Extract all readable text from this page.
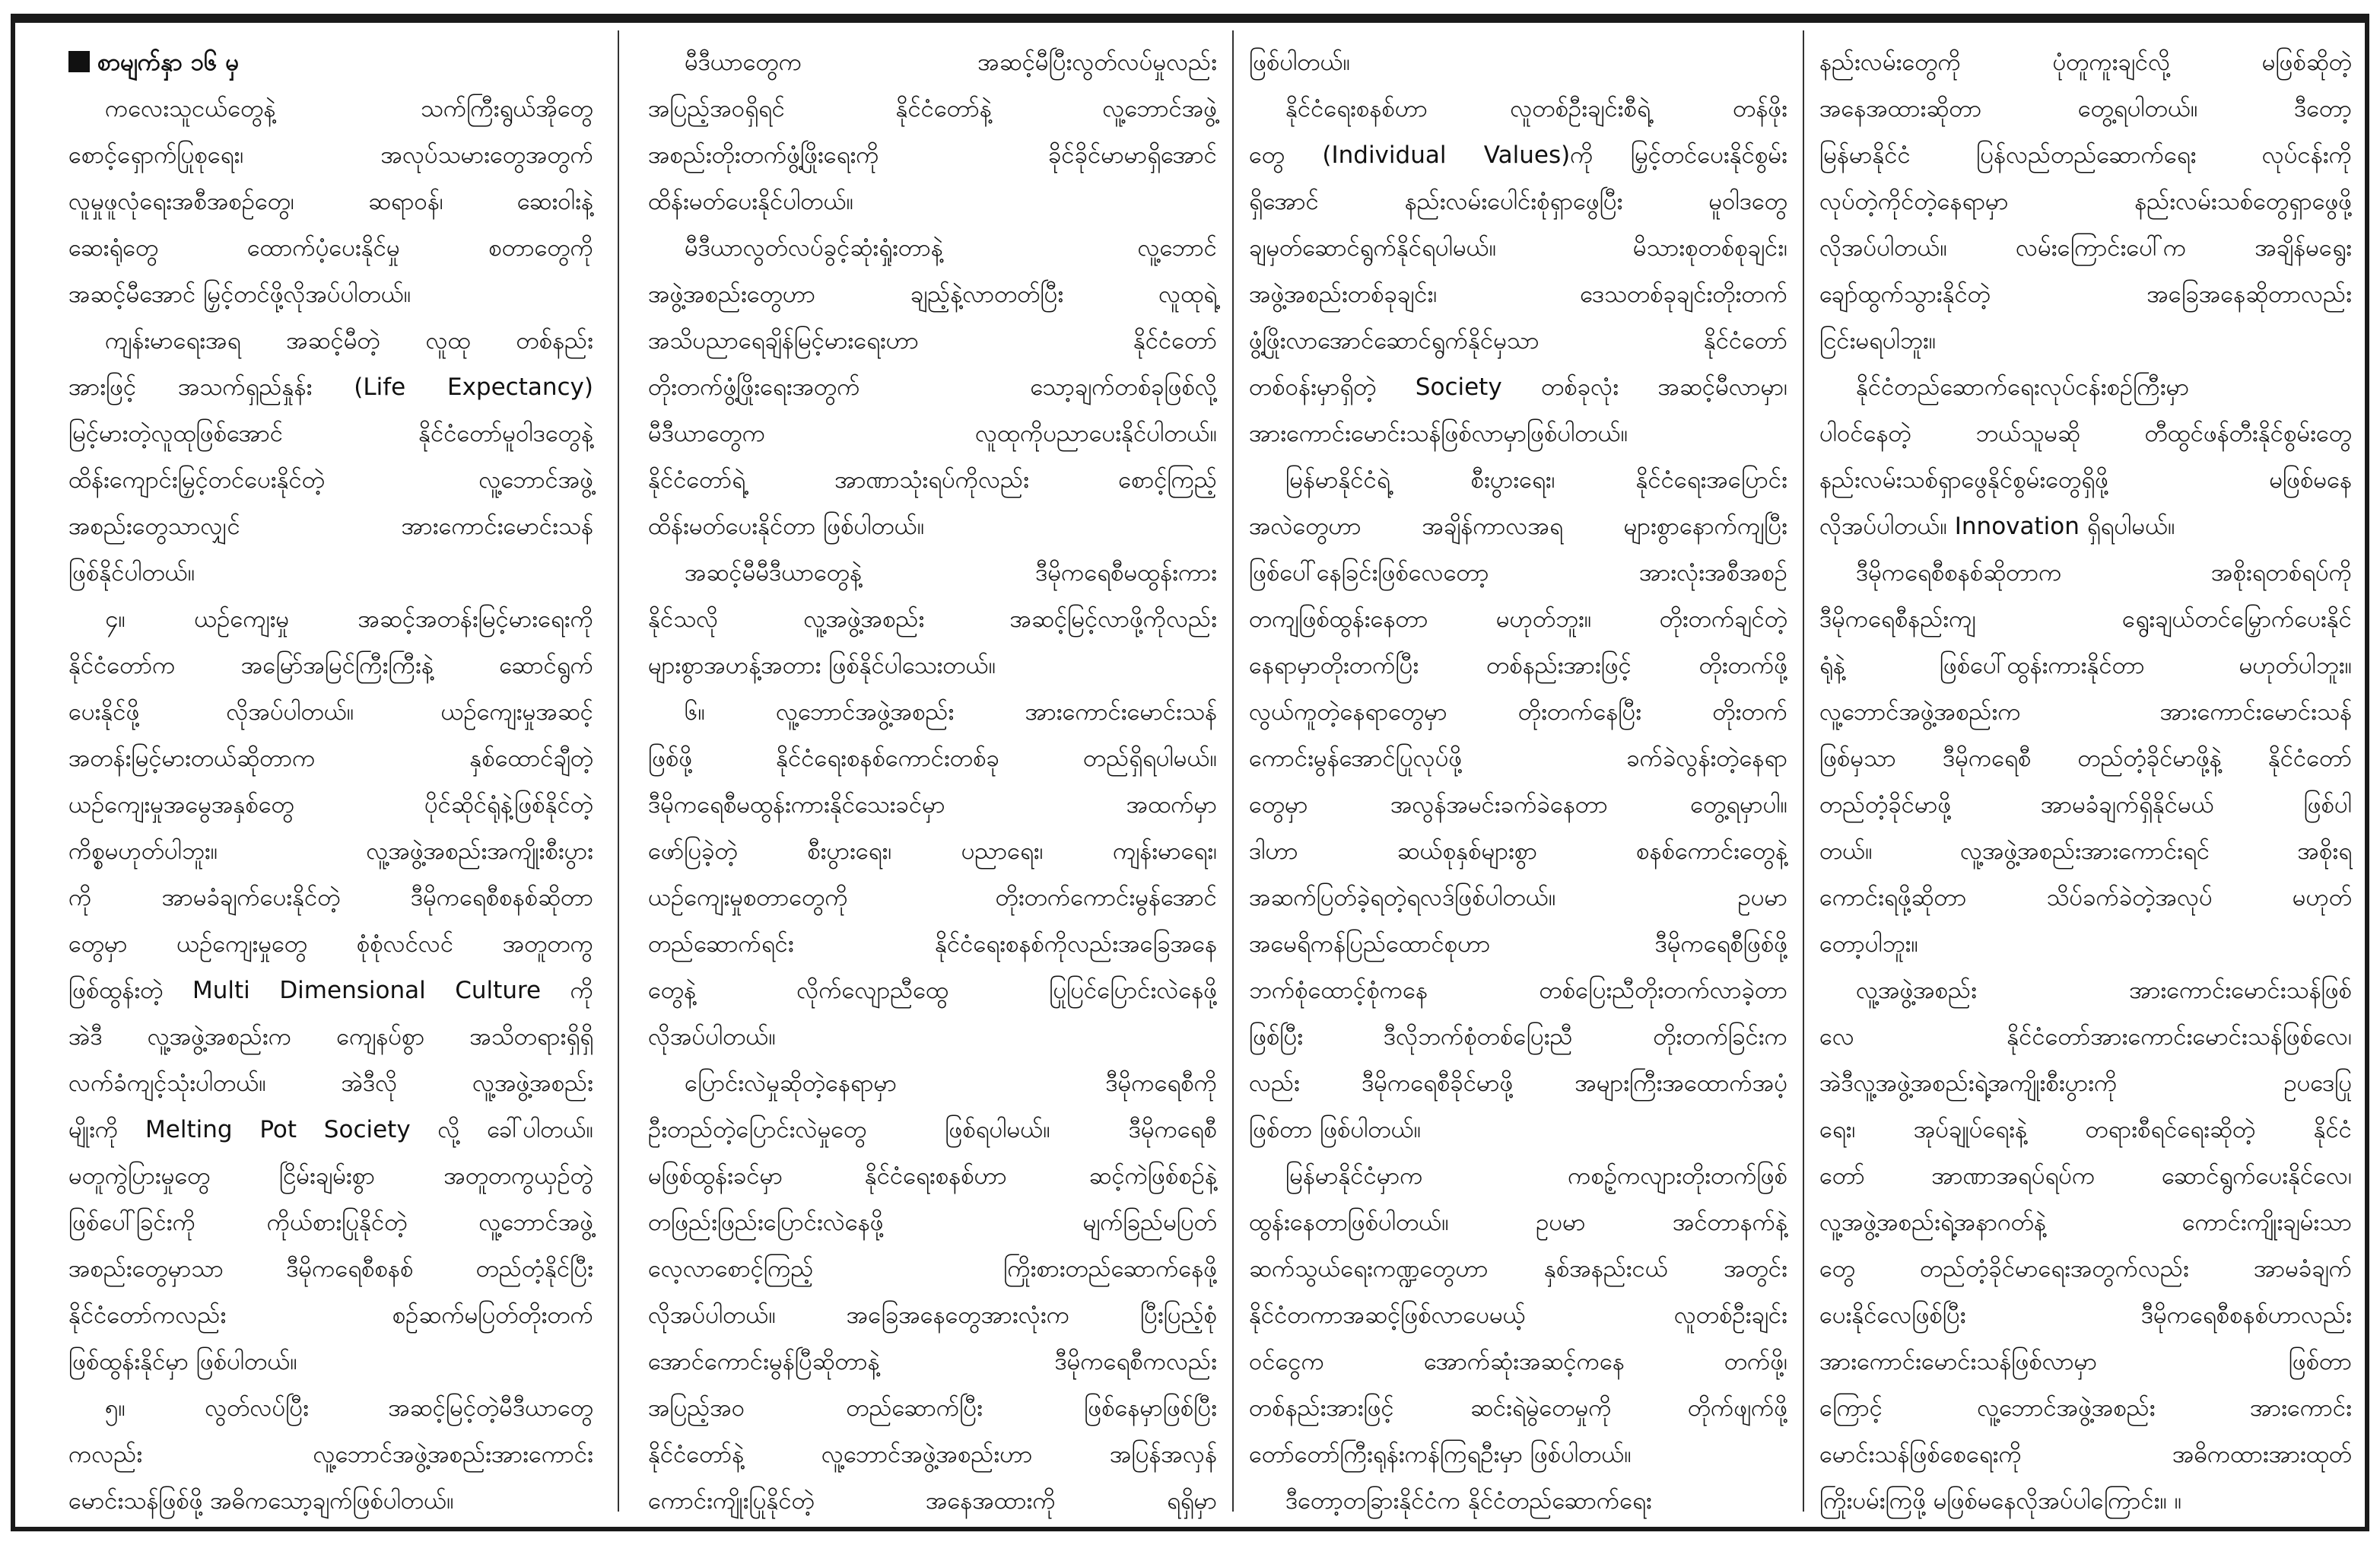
စာမျက်နှာ ၁၆ မှ
ကလေးသူငယ်တွေနဲ့ သက်ကြီးရွယ်အိုတွေ
စောင့်ရှောက်ပြုစုရေး၊ အလုပ်သမားတွေအတွက်
လူမှုဖူလုံရေးအစီအစဉ်တွေ၊ ဆရာဝန်၊ ဆေးဝါးနဲ့
ဆေးရုံတွေ ထောက်ပံ့ပေးနိုင်မှု စတာတွေကို
အဆင့်မီအောင် မြှင့်တင်ဖို့လိုအပ်ပါတယ်။
ကျန်းမာရေးအရ အဆင့်မီတဲ့ လူထု တစ်နည်း
အားဖြင့် အသက်ရှည်နှုန်း (Life Expectancy)
မြင့်မားတဲ့လူထုဖြစ်အောင် နိုင်ငံတော်မူဝါဒတွေနဲ့
ထိန်းကျောင်းမြှင့်တင်ပေးနိုင်တဲ့ လူ့ဘောင်အဖွဲ့
အစည်းတွေသာလျှင် အားကောင်းမောင်းသန်
ဖြစ်နိုင်ပါတယ်။
၄။ ယဉ်ကျေးမှု အဆင့်အတန်းမြင့်မားရေးကို
နိုင်ငံတော်က အမြော်အမြင်ကြီးကြီးနဲ့ ဆောင်ရွက်
ပေးနိုင်ဖို့ လိုအပ်ပါတယ်။ ယဉ်ကျေးမှုအဆင့်
အတန်းမြင့်မားတယ်ဆိုတာက နှစ်ထောင်ချီတဲ့
ယဉ်ကျေးမှုအမွေအနှစ်တွေ ပိုင်ဆိုင်ရုံနဲ့ဖြစ်နိုင်တဲ့
ကိစ္စမဟုတ်ပါဘူး။ လူ့အဖွဲ့အစည်းအကျိုးစီးပွား
ကို အာမခံချက်ပေးနိုင်တဲ့ ဒီမိုကရေစီစနစ်ဆိုတာ
တွေမှာ ယဉ်ကျေးမှုတွေ စုံစုံလင်လင် အတူတကွ
ဖြစ်ထွန်းတဲ့ Multi Dimensional Culture ကို
အဲဒီ လူ့အဖွဲ့အစည်းက ကျေနပ်စွာ အသိတရားရှိရှိ
လက်ခံကျင့်သုံးပါတယ်။ အဲဒီလို လူ့အဖွဲ့အစည်း
မျိုးကို Melting Pot Society လို့ ခေါ်ပါတယ်။
မတူကွဲပြားမှုတွေ ငြိမ်းချမ်းစွာ အတူတကွယှဉ်တွဲ
ဖြစ်ပေါ်ခြင်းကို ကိုယ်စားပြုနိုင်တဲ့ လူ့ဘောင်အဖွဲ့
အစည်းတွေမှာသာ ဒီမိုကရေစီစနစ် တည်တံ့နိုင်ပြီး
နိုင်ငံတော်ကလည်း စဉ်ဆက်မပြတ်တိုးတက်
ဖြစ်ထွန်းနိုင်မှာ ဖြစ်ပါတယ်။
၅။ လွတ်လပ်ပြီး အဆင့်မြင့်တဲ့မီဒီယာတွေ
ကလည်း လူ့ဘောင်အဖွဲ့အစည်းအားကောင်း
မောင်းသန်ဖြစ်ဖို့ အဓိကသော့ချက်ဖြစ်ပါတယ်။
မီဒီယာတွေက အဆင့်မီပြီးလွတ်လပ်မှုလည်း
အပြည့်အဝရှိရင် နိုင်ငံတော်နဲ့ လူ့ဘောင်အဖွဲ့
အစည်းတိုးတက်ဖွံ့ဖြိုးရေးကို ခိုင်ခိုင်မာမာရှိအောင်
ထိန်းမတ်ပေးနိုင်ပါတယ်။
မီဒီယာလွတ်လပ်ခွင့်ဆုံးရှုံးတာနဲ့ လူ့ဘောင်
အဖွဲ့အစည်းတွေဟာ ချည့်နဲ့လာတတ်ပြီး လူထုရဲ့
အသိပညာရေချိန်မြင့်မားရေးဟာ နိုင်ငံတော်
တိုးတက်ဖွံ့ဖြိုးရေးအတွက် သော့ချက်တစ်ခုဖြစ်လို့
မီဒီယာတွေက လူထုကိုပညာပေးနိုင်ပါတယ်။
နိုင်ငံတော်ရဲ့ အာဏာသုံးရပ်ကိုလည်း စောင့်ကြည့်
ထိန်းမတ်ပေးနိုင်တာ ဖြစ်ပါတယ်။
အဆင့်မီမီဒီယာတွေနဲ့ ဒီမိုကရေစီမထွန်းကား
နိုင်သလို လူ့အဖွဲ့အစည်း အဆင့်မြင့်လာဖို့ကိုလည်း
များစွာအဟန့်အတား ဖြစ်နိုင်ပါသေးတယ်။
၆။ လူ့ဘောင်အဖွဲ့အစည်း အားကောင်းမောင်းသန်
ဖြစ်ဖို့ နိုင်ငံရေးစနစ်ကောင်းတစ်ခု တည်ရှိရပါမယ်။
ဒီမိုကရေစီမထွန်းကားနိုင်သေးခင်မှာ အထက်မှာ
ဖော်ပြခဲ့တဲ့ စီးပွားရေး၊ ပညာရေး၊ ကျန်းမာရေး၊
ယဉ်ကျေးမှုစတာတွေကို တိုးတက်ကောင်းမွန်အောင်
တည်ဆောက်ရင်း နိုင်ငံရေးစနစ်ကိုလည်းအခြေအနေ
တွေနဲ့ လိုက်လျောညီထွေ ပြုပြင်ပြောင်းလဲနေဖို့
လိုအပ်ပါတယ်။
ပြောင်းလဲမှုဆိုတဲ့နေရာမှာ ဒီမိုကရေစီကို
ဦးတည်တဲ့ပြောင်းလဲမှုတွေ ဖြစ်ရပါမယ်။ ဒီမိုကရေစီ
မဖြစ်ထွန်းခင်မှာ နိုင်ငံရေးစနစ်ဟာ ဆင့်ကဲဖြစ်စဉ်နဲ့
တဖြည်းဖြည်းပြောင်းလဲနေဖို့ မျက်ခြည်မပြတ်
လေ့လာစောင့်ကြည့် ကြိုးစားတည်ဆောက်နေဖို့
လိုအပ်ပါတယ်။ အခြေအနေတွေအားလုံးက ပြီးပြည့်စုံ
အောင်ကောင်းမွန်ပြီဆိုတာနဲ့ ဒီမိုကရေစီကလည်း
အပြည့်အဝ တည်ဆောက်ပြီး ဖြစ်နေမှာဖြစ်ပြီး
နိုင်ငံတော်နဲ့ လူ့ဘောင်အဖွဲ့အစည်းဟာ အပြန်အလှန်
ကောင်းကျိုးပြုနိုင်တဲ့ အနေအထားကို ရရှိမှာ
ဖြစ်ပါတယ်။
နိုင်ငံရေးစနစ်ဟာ လူတစ်ဦးချင်းစီရဲ့ တန်ဖိုး
တွေ (Individual Values)ကို မြှင့်တင်ပေးနိုင်စွမ်း
ရှိအောင် နည်းလမ်းပေါင်းစုံရှာဖွေပြီး မူဝါဒတွေ
ချမှတ်ဆောင်ရွက်နိုင်ရပါမယ်။ မိသားစုတစ်စုချင်း၊
အဖွဲ့အစည်းတစ်ခုချင်း၊ ဒေသတစ်ခုချင်းတိုးတက်
ဖွံ့ဖြိုးလာအောင်ဆောင်ရွက်နိုင်မှသာ နိုင်ငံတော်
တစ်ဝန်းမှာရှိတဲ့ Society တစ်ခုလုံး အဆင့်မီလာမှာ၊
အားကောင်းမောင်းသန်ဖြစ်လာမှာဖြစ်ပါတယ်။
မြန်မာနိုင်ငံရဲ့ စီးပွားရေး၊ နိုင်ငံရေးအပြောင်း
အလဲတွေဟာ အချိန်ကာလအရ များစွာနောက်ကျပြီး
ဖြစ်ပေါ်နေခြင်းဖြစ်လေတော့ အားလုံးအစီအစဉ်
တကျဖြစ်ထွန်းနေတာ မဟုတ်ဘူး။ တိုးတက်ချင်တဲ့
နေရာမှာတိုးတက်ပြီး တစ်နည်းအားဖြင့် တိုးတက်ဖို့
လွယ်ကူတဲ့နေရာတွေမှာ တိုးတက်နေပြီး တိုးတက်
ကောင်းမွန်အောင်ပြုလုပ်ဖို့ ခက်ခဲလွန်းတဲ့နေရာ
တွေမှာ အလွန်အမင်းခက်ခဲနေတာ တွေ့ရမှာပါ။
ဒါဟာ ဆယ်စုနှစ်များစွာ စနစ်ကောင်းတွေနဲ့
အဆက်ပြတ်ခဲ့ရတဲ့ရလဒ်ဖြစ်ပါတယ်။ ဥပမာ
အမေရိကန်ပြည်ထောင်စုဟာ ဒီမိုကရေစီဖြစ်ဖို့
ဘက်စုံထောင့်စုံကနေ တစ်ပြေးညီတိုးတက်လာခဲ့တာ
ဖြစ်ပြီး ဒီလိုဘက်စုံတစ်ပြေးညီ တိုးတက်ခြင်းက
လည်း ဒီမိုကရေစီခိုင်မာဖို့ အများကြီးအထောက်အပံ့
ဖြစ်တာ ဖြစ်ပါတယ်။
မြန်မာနိုင်ငံမှာက ကစဉ့်ကလျားတိုးတက်ဖြစ်
ထွန်းနေတာဖြစ်ပါတယ်။ ဥပမာ အင်တာနက်နဲ့
ဆက်သွယ်ရေးကဏ္ဍတွေဟာ နှစ်အနည်းငယ် အတွင်း
နိုင်ငံတကာအဆင့်ဖြစ်လာပေမယ့် လူတစ်ဦးချင်း
ဝင်ငွေက အောက်ဆုံးအဆင့်ကနေ တက်ဖို့၊
တစ်နည်းအားဖြင့် ဆင်းရဲမွဲတေမှုကို တိုက်ဖျက်ဖို့
တော်တော်ကြီးရုန်းကန်ကြရဦးမှာ ဖြစ်ပါတယ်။
ဒီတော့တခြားနိုင်ငံက နိုင်ငံတည်ဆောက်ရေး
နည်းလမ်းတွေကို ပုံတူကူးချင်လို့ မဖြစ်ဆိုတဲ့
အနေအထားဆိုတာ တွေ့ရပါတယ်။ ဒီတော့
မြန်မာနိုင်ငံ ပြန်လည်တည်ဆောက်ရေး လုပ်ငန်းကို
လုပ်တဲ့ကိုင်တဲ့နေရာမှာ နည်းလမ်းသစ်တွေရှာဖွေဖို့
လိုအပ်ပါတယ်။ လမ်းကြောင်းပေါ်က အချိန်မရွေး
ချော်ထွက်သွားနိုင်တဲ့ အခြေအနေဆိုတာလည်း
ငြင်းမရပါဘူး။
နိုင်ငံတည်ဆောက်ရေးလုပ်ငန်းစဉ်ကြီးမှာ
ပါဝင်နေတဲ့ ဘယ်သူမဆို တီထွင်ဖန်တီးနိုင်စွမ်းတွေ
နည်းလမ်းသစ်ရှာဖွေနိုင်စွမ်းတွေရှိဖို့ မဖြစ်မနေ
လိုအပ်ပါတယ်။ Innovation ရှိရပါမယ်။
ဒီမိုကရေစီစနစ်ဆိုတာက အစိုးရတစ်ရပ်ကို
ဒီမိုကရေစီနည်းကျ ရွေးချယ်တင်မြှောက်ပေးနိုင်
ရုံနဲ့ ဖြစ်ပေါ်ထွန်းကားနိုင်တာ မဟုတ်ပါဘူး။
လူ့ဘောင်အဖွဲ့အစည်းက အားကောင်းမောင်းသန်
ဖြစ်မှသာ ဒီမိုကရေစီ တည်တံ့ခိုင်မာဖို့နဲ့ နိုင်ငံတော်
တည်တံ့ခိုင်မာဖို့ အာမခံချက်ရှိနိုင်မယ် ဖြစ်ပါ
တယ်။ လူ့အဖွဲ့အစည်းအားကောင်းရင် အစိုးရ
ကောင်းရဖို့ဆိုတာ သိပ်ခက်ခဲတဲ့အလုပ် မဟုတ်
တော့ပါဘူး။
လူ့အဖွဲ့အစည်း အားကောင်းမောင်းသန်ဖြစ်
လေ နိုင်ငံတော်အားကောင်းမောင်းသန်ဖြစ်လေ၊
အဲဒီလူ့အဖွဲ့အစည်းရဲ့အကျိုးစီးပွားကို ဥပဒေပြု
ရေး၊ အုပ်ချုပ်ရေးနဲ့ တရားစီရင်ရေးဆိုတဲ့ နိုင်ငံ
တော် အာဏာအရပ်ရပ်က ဆောင်ရွက်ပေးနိုင်လေ၊
လူ့အဖွဲ့အစည်းရဲ့အနာဂတ်နဲ့ ကောင်းကျိုးချမ်းသာ
တွေ တည်တံ့ခိုင်မာရေးအတွက်လည်း အာမခံချက်
ပေးနိုင်လေဖြစ်ပြီး ဒီမိုကရေစီစနစ်ဟာလည်း
အားကောင်းမောင်းသန်ဖြစ်လာမှာ ဖြစ်တာ
ကြောင့် လူ့ဘောင်အဖွဲ့အစည်း အားကောင်း
မောင်းသန်ဖြစ်စေရေးကို အဓိကထားအားထုတ်
ကြိုးပမ်းကြဖို့ မဖြစ်မနေလိုအပ်ပါကြောင်း။ ။
